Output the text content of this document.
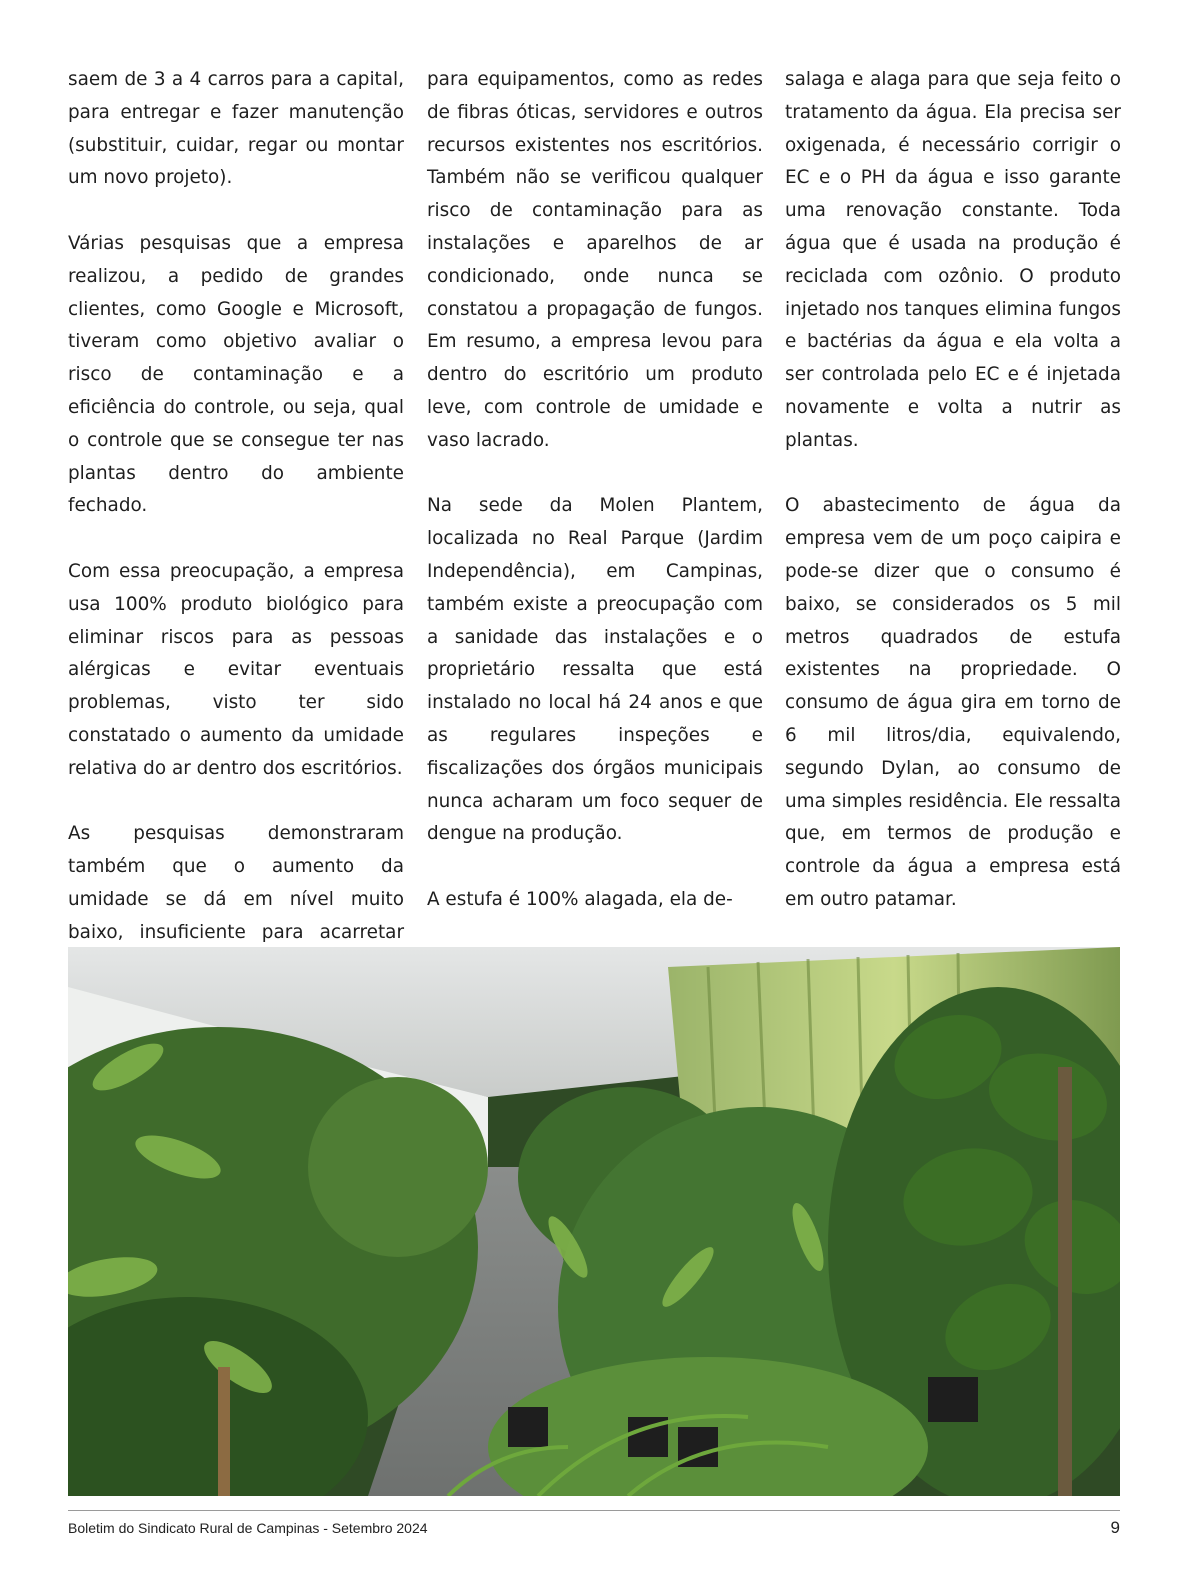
saem de 3 a 4 carros para a capital, para entregar e fazer manutenção (substituir, cuidar, regar ou montar um novo projeto).

Várias pesquisas que a empresa realizou, a pedido de grandes clientes, como Google e Microsoft, tiveram como objetivo avaliar o risco de contaminação e a eficiência do controle, ou seja, qual o controle que se consegue ter nas plantas dentro do ambiente fechado.

Com essa preocupação, a empresa usa 100% produto biológico para eliminar riscos para as pessoas alérgicas e evitar eventuais problemas, visto ter sido constatado o aumento da umidade relativa do ar dentro dos escritórios.

As pesquisas demonstraram também que o aumento da umidade se dá em nível muito baixo, insuficiente para acarretar

para equipamentos, como as redes de fibras óticas, servidores e outros recursos existentes nos escritórios. Também não se verificou qualquer risco de contaminação para as instalações e aparelhos de ar condicionado, onde nunca se constatou a propagação de fungos. Em resumo, a empresa levou para dentro do escritório um produto leve, com controle de umidade e vaso lacrado.

Na sede da Molen Plantem, localizada no Real Parque (Jardim Independência), em Campinas, também existe a preocupação com a sanidade das instalações e o proprietário ressalta que está instalado no local há 24 anos e que as regulares inspeções e fiscalizações dos órgãos municipais nunca acharam um foco sequer de dengue na produção.

A estufa é 100% alagada, ela de-

salaga e alaga para que seja feito o tratamento da água. Ela precisa ser oxigenada, é necessário corrigir o EC e o PH da água e isso garante uma renovação constante. Toda água que é usada na produção é reciclada com ozônio. O produto injetado nos tanques elimina fungos e bactérias da água e ela volta a ser controlada pelo EC e é injetada novamente e volta a nutrir as plantas.

O abastecimento de água da empresa vem de um poço caipira e pode-se dizer que o consumo é baixo, se considerados os 5 mil metros quadrados de estufa existentes na propriedade. O consumo de água gira em torno de 6 mil litros/dia, equivalendo, segundo Dylan, ao consumo de uma simples residência. Ele ressalta que, em termos de produção e controle da água a empresa está em outro patamar.

Boletim do Sindicato Rural de Campinas - Setembro 2024	9
